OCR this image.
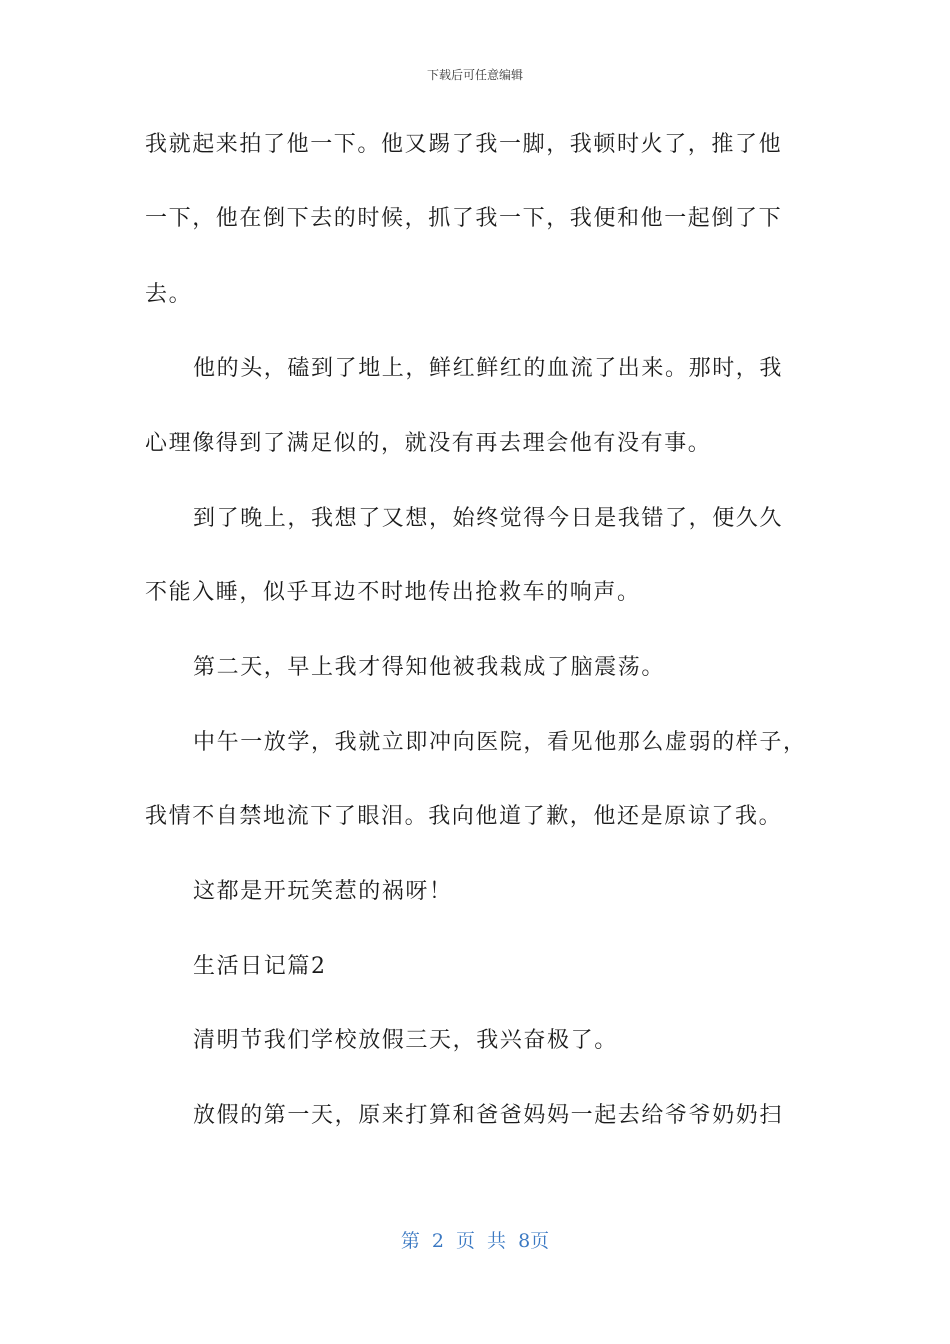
下载后可任意编辑
我就起来拍了他一下。他又踢了我一脚，我顿时火了，推了他
一下，他在倒下去的时候，抓了我一下，我便和他一起倒了下
去。
他的头，磕到了地上，鲜红鲜红的血流了出来。那时，我
心理像得到了满足似的，就没有再去理会他有没有事。
到了晚上，我想了又想，始终觉得今日是我错了，便久久
不能入睡，似乎耳边不时地传出抢救车的响声。
第二天，早上我才得知他被我栽成了脑震荡。
中午一放学，我就立即冲向医院，看见他那么虚弱的样子，
我情不自禁地流下了眼泪。我向他道了歉，他还是原谅了我。
这都是开玩笑惹的祸呀！
生活日记篇2
清明节我们学校放假三天，我兴奋极了。
放假的第一天，原来打算和爸爸妈妈一起去给爷爷奶奶扫
第 2 页 共 8页
